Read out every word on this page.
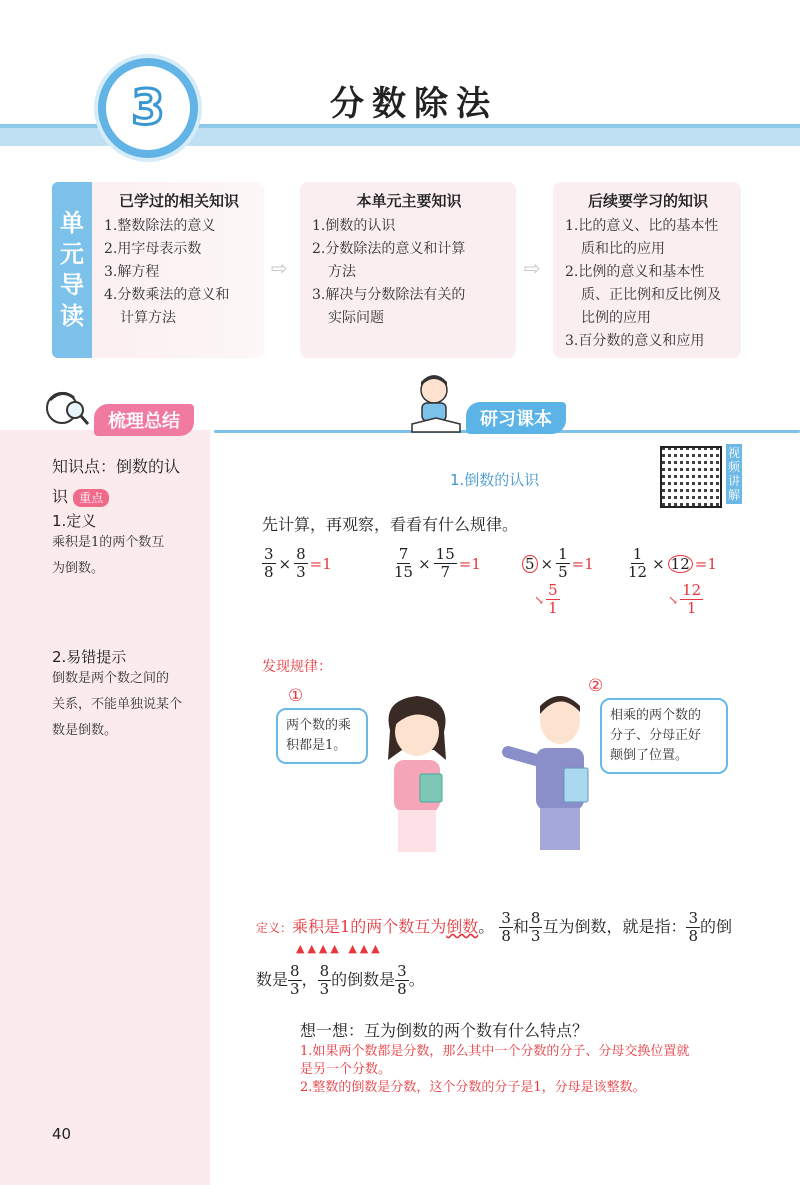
3	分数除法
单
元
导
读
已学过的相关知识
1.整数除法的意义
2.用字母表示数
3.解方程
4.分数乘法的意义和
计算方法
⇨
本单元主要知识
1.倒数的认识
2.分数除法的意义和计算
方法
3.解决与分数除法有关的
实际问题
⇨
后续要学习的知识
1.比的意义、比的基本性
质和比的应用
2.比例的意义和基本性
质、正比例和反比例及
比例的应用
3.百分数的意义和应用
梳理总结
知识点：倒数的认
识 重点
1.定义
乘积是1的两个数互
为倒数。
2.易错提示
倒数是两个数之间的
关系，不能单独说某个
数是倒数。
研习课本
视
频
讲
解
1.倒数的认识
先计算，再观察，看看有什么规律。
$\frac{3}{8} \times \frac{8}{3} =1$	$\frac{7}{15} \times \frac{15}{7} =1$	$5 \times \frac{1}{5} =1$
↘ $\frac{5}{1}$
$\frac{1}{12} \times 12 =1$
↘ $\frac{12}{1}$
发现规律：
①
两个数的乘
积都是1。
②
相乘的两个数的
分子、分母正好
颠倒了位置。
定义：乘积是1的两个数互为倒数。 $\frac{3}{8}$ 和 $\frac{8}{3}$ 互为倒数，就是指： $\frac{3}{8}$ 的倒
▲▲▲▲ ▲▲▲
数是 $\frac{8}{3}$ ， $\frac{8}{3}$ 的倒数是 $\frac{3}{8}$ 。
想一想：互为倒数的两个数有什么特点？
1.如果两个数都是分数，那么其中一个分数的分子、分母交换位置就
是另一个分数。
2.整数的倒数是分数，这个分数的分子是1，分母是该整数。
40
